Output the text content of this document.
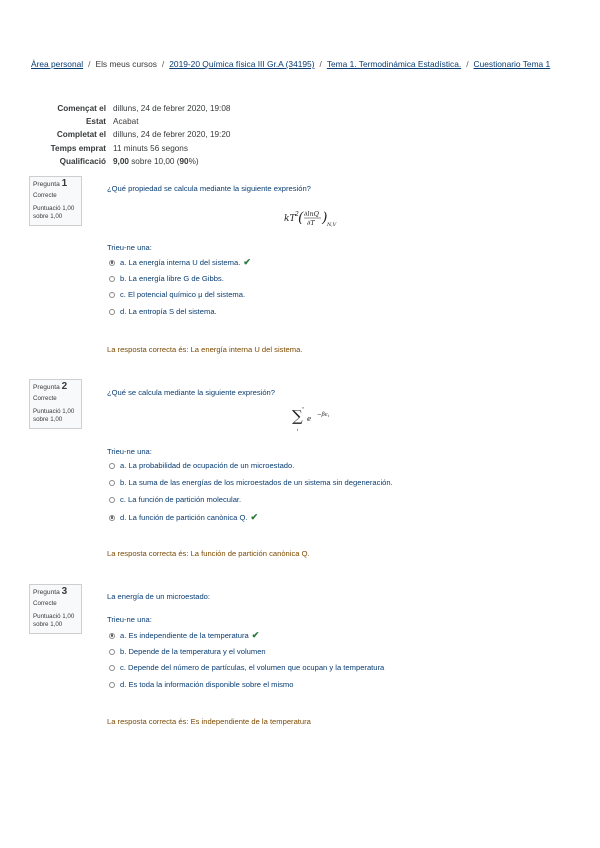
Àrea personal / Els meus cursos / 2019-20 Química física III Gr.A (34195) / Tema 1. Termodinámica Estadística. / Cuestionario Tema 1
Començat el	dilluns, 24 de febrer 2020, 19:08
Estat	Acabat
Completat el	dilluns, 24 de febrer 2020, 19:20
Temps emprat	11 minuts 56 segons
Qualificació	9,00 sobre 10,00 (90%)
Pregunta 1
Correcte
Puntuació 1,00
sobre 1,00
¿Qué propiedad se calcula mediante la siguiente expresión?
kT 2 ( ∂lnQ
∂T ) N,V
Trieu-ne una:
a. La energía interna U del sistema. ✔
b. La energía libre G de Gibbs.
c. El potencial químico μ del sistema.
d. La entropía S del sistema.
La resposta correcta és: La energía interna U del sistema.
Pregunta 2
Correcte
Puntuació 1,00
sobre 1,00
¿Qué se calcula mediante la siguiente expresión?
∑ *
i
e −βε i
Trieu-ne una:
a. La probabilidad de ocupación de un microestado.
b. La suma de las energías de los microestados de un sistema sin degeneración.
c. La función de partición molecular.
d. La función de partición canònica Q. ✔
La resposta correcta és: La función de partición canònica Q.
Pregunta 3
Correcte
Puntuació 1,00
sobre 1,00
La energía de un microestado:
Trieu-ne una:
a. Es independiente de la temperatura ✔
b. Depende de la temperatura y el volumen
c. Depende del número de partículas, el volumen que ocupan y la temperatura
d. Es toda la información disponible sobre el mismo
La resposta correcta és: Es independiente de la temperatura
